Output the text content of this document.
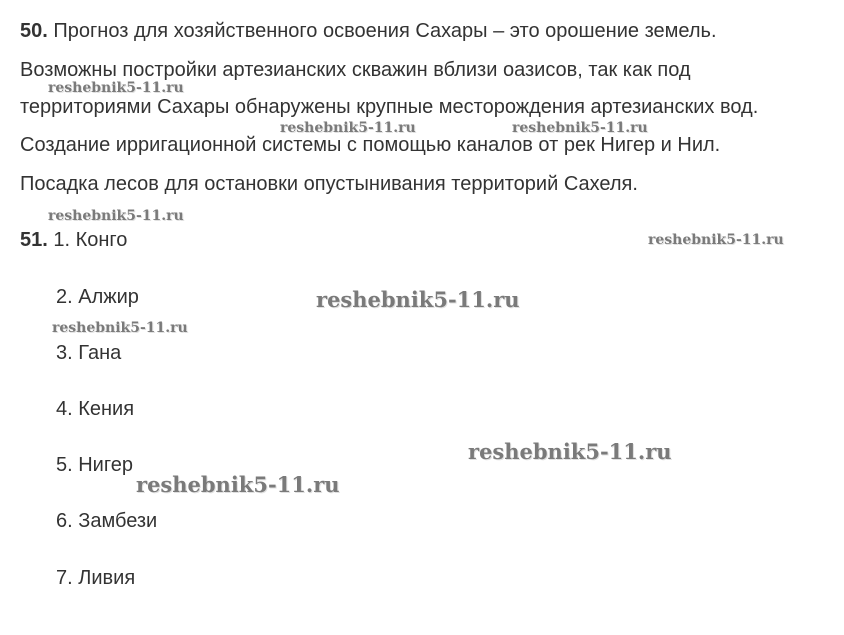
50. Прогноз для хозяйственного освоения Сахары – это орошение земель.
Возможны постройки артезианских скважин вблизи оазисов, так как под
территориями Сахары обнаружены крупные месторождения артезианских вод.
Создание ирригационной системы с помощью каналов от рек Нигер и Нил.
Посадка лесов для остановки опустынивания территорий Сахеля.
51. 1. Конго
2. Алжир
3. Гана
4. Кения
5. Нигер
6. Замбези
7. Ливия
reshebnik5-11.ru
reshebnik5-11.ru	reshebnik5-11.ru
reshebnik5-11.ru
reshebnik5-11.ru
reshebnik5-11.ru
reshebnik5-11.ru
reshebnik5-11.ru
reshebnik5-11.ru
